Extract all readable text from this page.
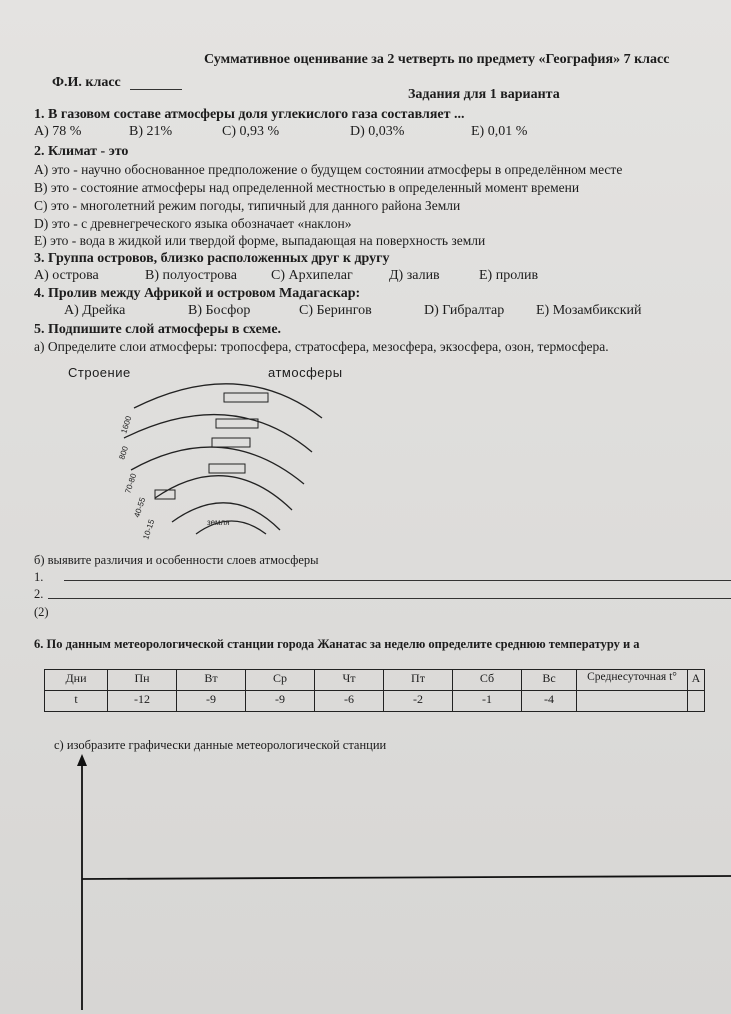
Суммативное оценивание за 2 четверть по предмету «География» 7 класс
Ф.И. класс
Задания для 1 варианта
1. В газовом составе атмосферы доля углекислого газа составляет ...
А) 78 %	В) 21%	С) 0,93 %	D) 0,03%	Е) 0,01 %
2. Климат - это
А) это - научно обоснованное предположение о будущем состоянии атмосферы в определённом месте
В) это - состояние атмосферы над определенной местностью в определенный момент времени
С) это - многолетний режим погоды, типичный для данного района Земли
D) это - с древнегреческого языка обозначает «наклон»
Е) это - вода в жидкой или твердой форме, выпадающая на поверхность земли
3. Группа островов, близко расположенных друг к другу
А) острова	В) полуострова С) Архипелаг	Д) залив	Е) пролив
4. Пролив между Африкой и островом Мадагаскар:
А) Дрейка	В) Босфор	С) Берингов	D) Гибралтар Е) Мозамбикский
5. Подпишите слой атмосферы в схеме.
а) Определите слои атмосферы: тропосфера, стратосфера, мезосфера, экзосфера, озон, термосфера.
Строение	атмосферы
1600
800
70-80
40-55
10-15	земля
б) выявите различия и особенности слоев атмосферы
1.
2.
(2)
6. По данным метеорологической станции города Жанатас за неделю определите среднюю температуру и а
Дни	Пн	Вт	Ср	Чт	Пт	Сб	Вс	Среднесуточная t°	А
t	-12	-9	-9	-6	-2	-1	-4		
с) изобразите графически данные метеорологической станции
